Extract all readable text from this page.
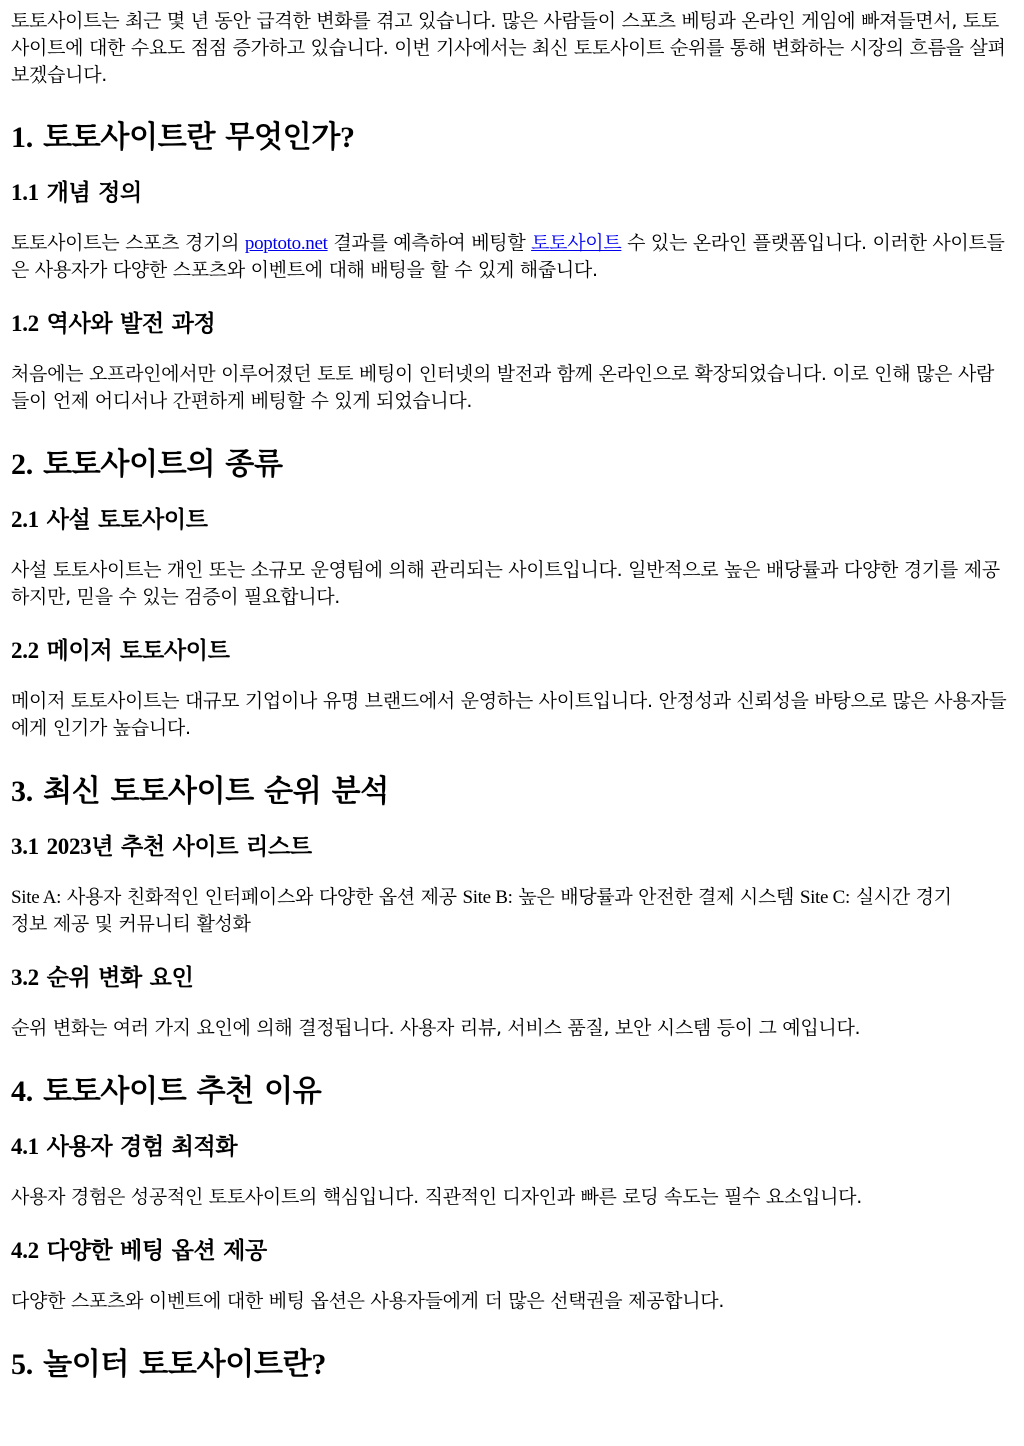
토토사이트는 최근 몇 년 동안 급격한 변화를 겪고 있습니다. 많은 사람들이 스포츠 베팅과 온라인 게임에 빠져들면서, 토토사이트에 대한 수요도 점점 증가하고 있습니다. 이번 기사에서는 최신 토토사이트 순위를 통해 변화하는 시장의 흐름을 살펴보겠습니다.

1. 토토사이트란 무엇인가?
1.1 개념 정의

토토사이트는 스포츠 경기의 poptoto.net 결과를 예측하여 베팅할 토토사이트 수 있는 온라인 플랫폼입니다. 이러한 사이트들은 사용자가 다양한 스포츠와 이벤트에 대해 배팅을 할 수 있게 해줍니다.

1.2 역사와 발전 과정

처음에는 오프라인에서만 이루어졌던 토토 베팅이 인터넷의 발전과 함께 온라인으로 확장되었습니다. 이로 인해 많은 사람들이 언제 어디서나 간편하게 베팅할 수 있게 되었습니다.

2. 토토사이트의 종류
2.1 사설 토토사이트

사설 토토사이트는 개인 또는 소규모 운영팀에 의해 관리되는 사이트입니다. 일반적으로 높은 배당률과 다양한 경기를 제공하지만, 믿을 수 있는 검증이 필요합니다.

2.2 메이저 토토사이트

메이저 토토사이트는 대규모 기업이나 유명 브랜드에서 운영하는 사이트입니다. 안정성과 신뢰성을 바탕으로 많은 사용자들에게 인기가 높습니다.

3. 최신 토토사이트 순위 분석
3.1 2023년 추천 사이트 리스트

Site A: 사용자 친화적인 인터페이스와 다양한 옵션 제공 Site B: 높은 배당률과 안전한 결제 시스템 Site C: 실시간 경기 정보 제공 및 커뮤니티 활성화

3.2 순위 변화 요인

순위 변화는 여러 가지 요인에 의해 결정됩니다. 사용자 리뷰, 서비스 품질, 보안 시스템 등이 그 예입니다.

4. 토토사이트 추천 이유
4.1 사용자 경험 최적화

사용자 경험은 성공적인 토토사이트의 핵심입니다. 직관적인 디자인과 빠른 로딩 속도는 필수 요소입니다.

4.2 다양한 베팅 옵션 제공

다양한 스포츠와 이벤트에 대한 베팅 옵션은 사용자들에게 더 많은 선택권을 제공합니다.

5. 놀이터 토토사이트란?
